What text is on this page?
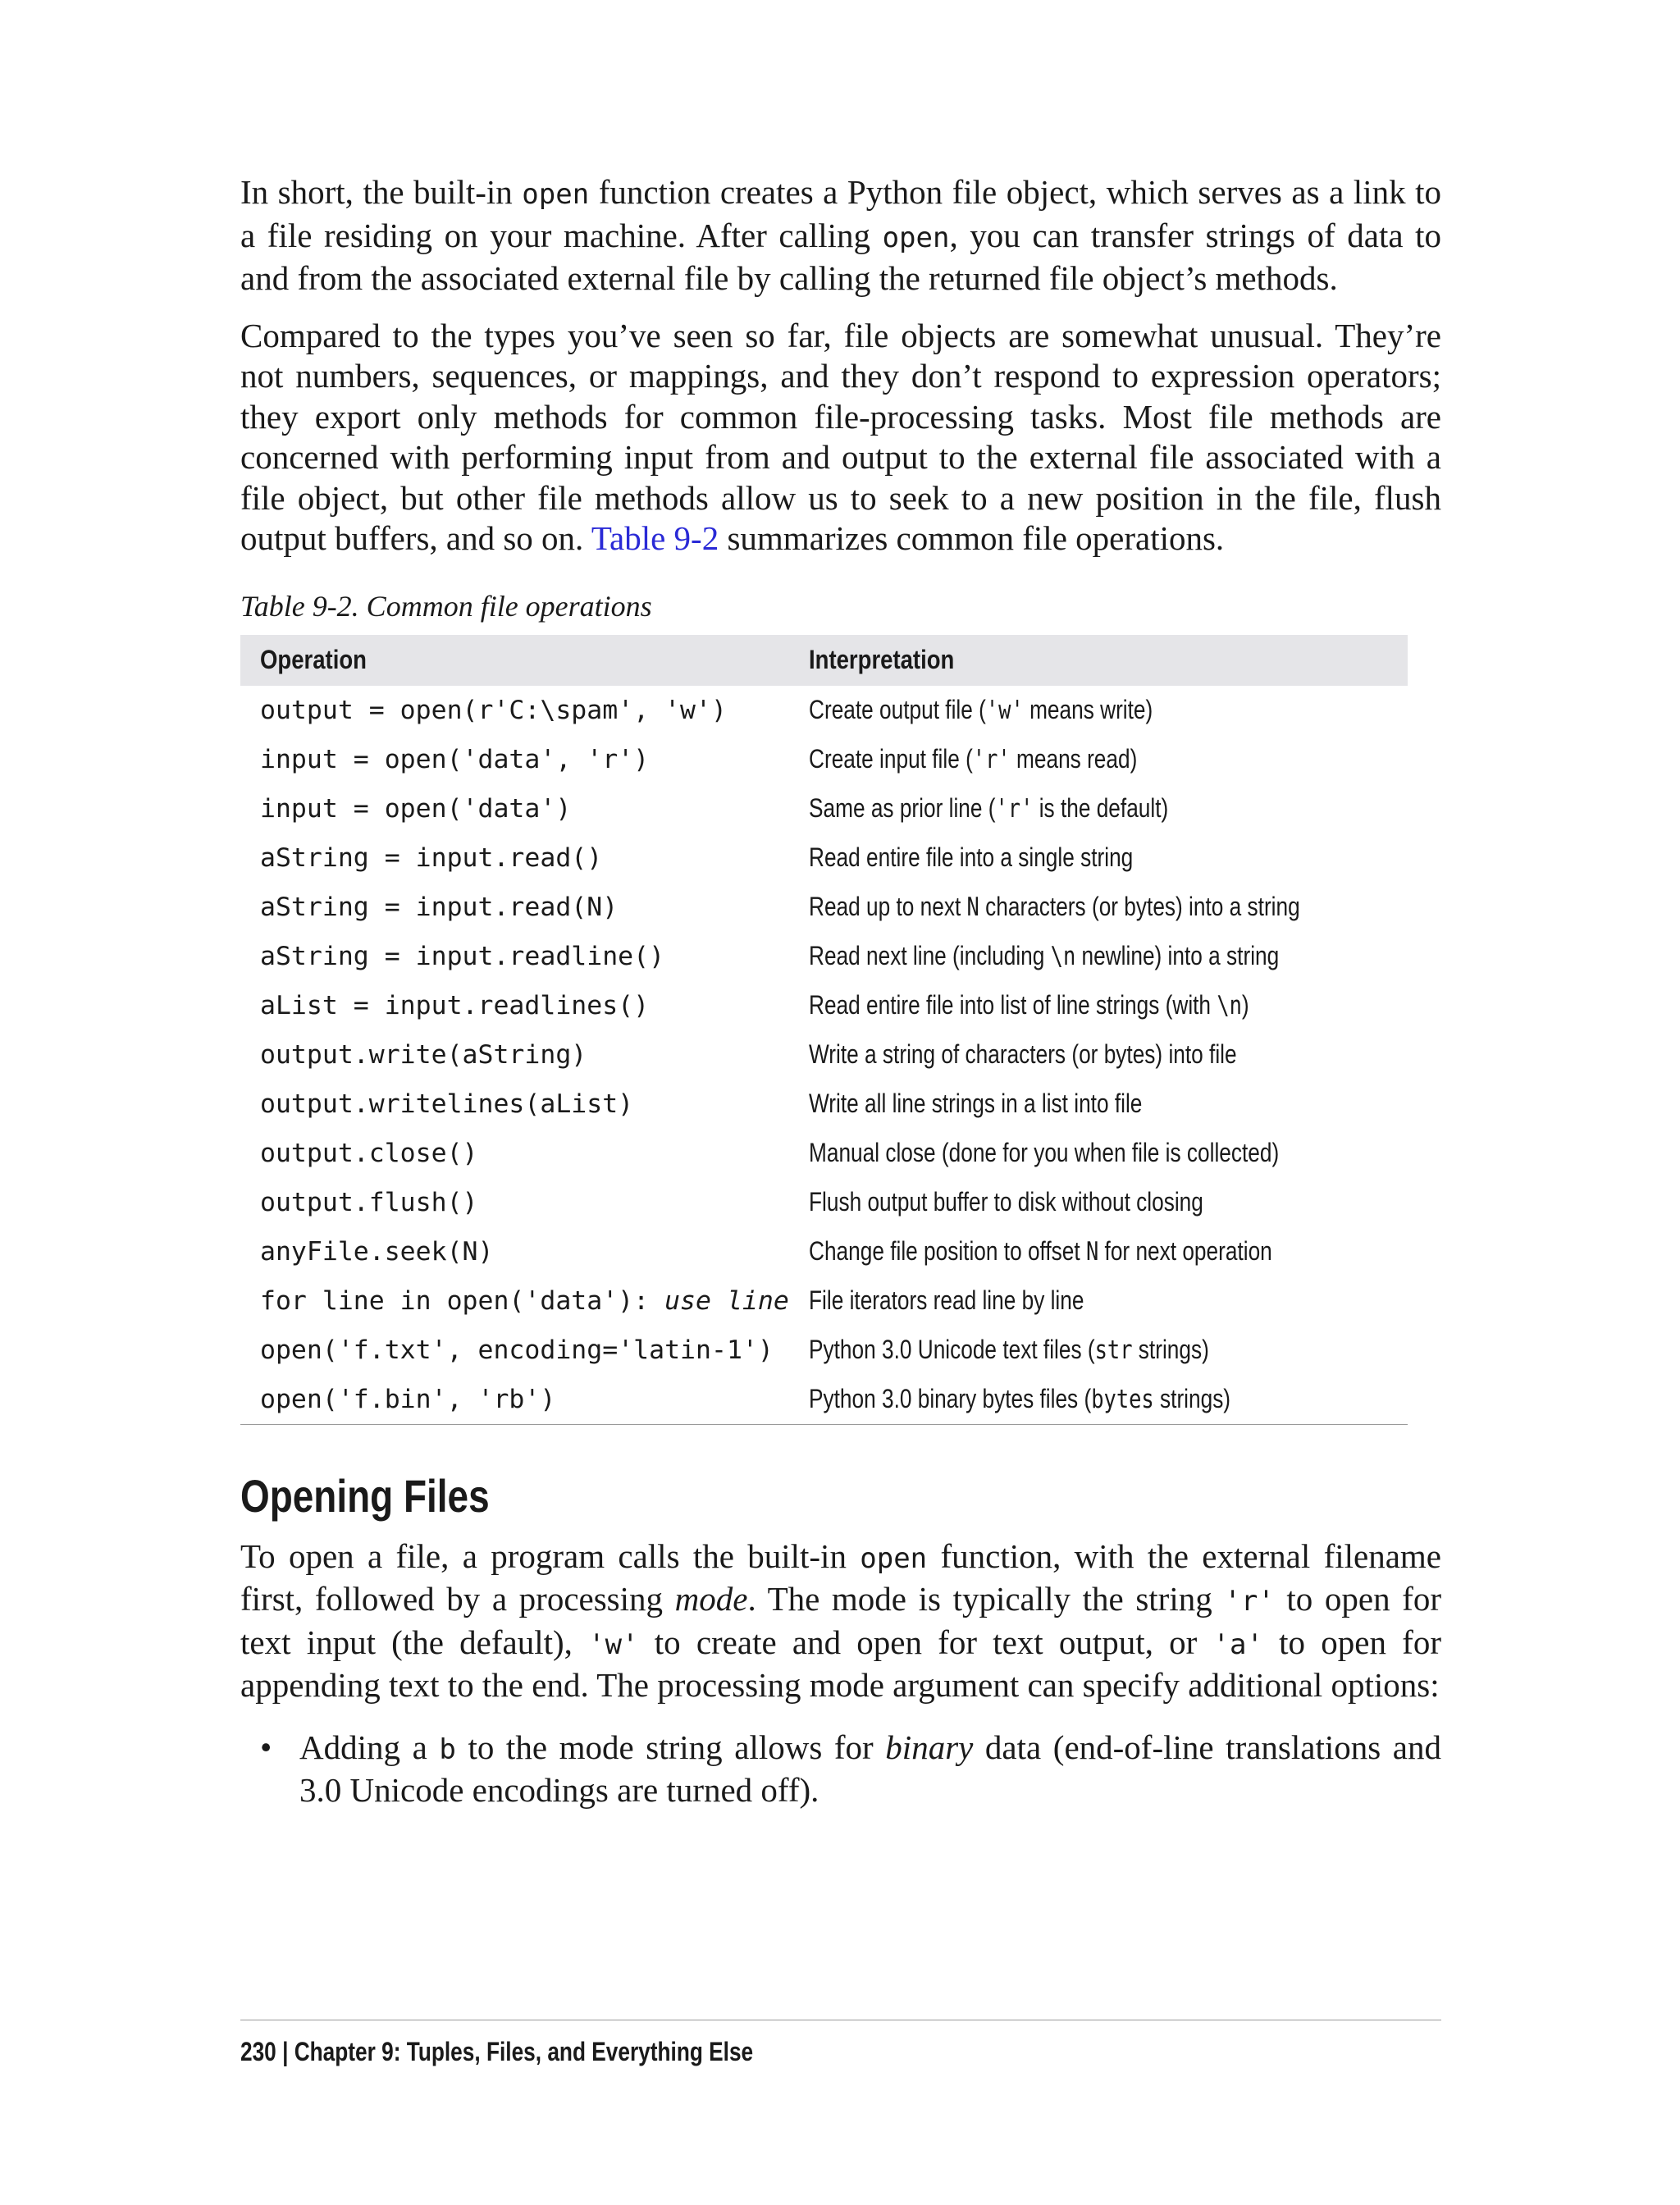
In short, the built-in open function creates a Python file object, which serves as a link to a file residing on your machine. After calling open, you can transfer strings of data to and from the associated external file by calling the returned file object’s methods.

Compared to the types you’ve seen so far, file objects are somewhat unusual. They’re not numbers, sequences, or mappings, and they don’t respond to expression operators; they export only methods for common file-processing tasks. Most file methods are concerned with performing input from and output to the external file associated with a file object, but other file methods allow us to seek to a new position in the file, flush output buffers, and so on. Table 9-2 summarizes common file operations.

Table 9-2. Common file operations
Operation	Interpretation
output = open(r'C:\spam', 'w')	Create output file ('w' means write)
input = open('data', 'r')	Create input file ('r' means read)
input = open('data')	Same as prior line ('r' is the default)
aString = input.read()	Read entire file into a single string
aString = input.read(N)	Read up to next N characters (or bytes) into a string
aString = input.readline()	Read next line (including \n newline) into a string
aList = input.readlines()	Read entire file into list of line strings (with \n)
output.write(aString)	Write a string of characters (or bytes) into file
output.writelines(aList)	Write all line strings in a list into file
output.close()	Manual close (done for you when file is collected)
output.flush()	Flush output buffer to disk without closing
anyFile.seek(N)	Change file position to offset N for next operation
for line in open('data'): use line	File iterators read line by line
open('f.txt', encoding='latin-1')	Python 3.0 Unicode text files (str strings)
open('f.bin', 'rb')	Python 3.0 binary bytes files (bytes strings)
Opening Files

To open a file, a program calls the built-in open function, with the external filename first, followed by a processing mode. The mode is typically the string 'r' to open for text input (the default), 'w' to create and open for text output, or 'a' to open for appending text to the end. The processing mode argument can specify additional options:

• Adding a b to the mode string allows for binary data (end-of-line translations and 3.0 Unicode encodings are turned off).

230 | Chapter 9: Tuples, Files, and Everything Else
